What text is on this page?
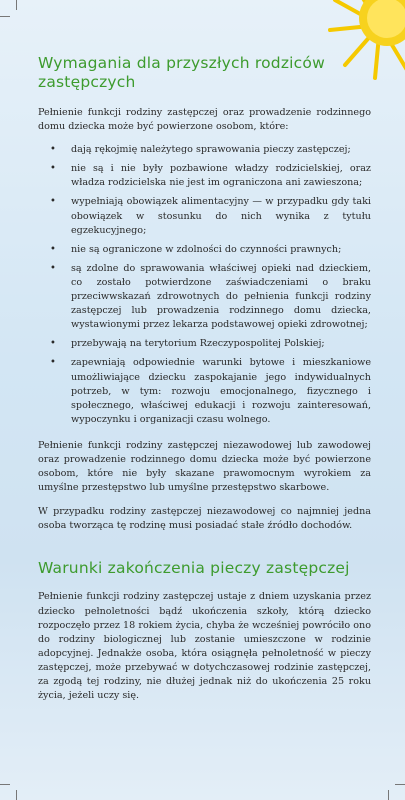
Wymagania dla przyszłych rodziców zastępczych

Pełnienie funkcji rodziny zastępczej oraz prowadzenie rodzinnego domu dziecka może być powierzone osobom, które:

• dają rękojmię należytego sprawowania pieczy zastępczej;
• nie są i nie były pozbawione władzy rodzicielskiej, oraz władza rodzicielska nie jest im ograniczona ani zawieszona;
• wypełniają obowiązek alimentacyjny — w przypadku gdy taki obowiązek w stosunku do nich wynika z tytułu egzekucyjnego;
• nie są ograniczone w zdolności do czynności prawnych;
• są zdolne do sprawowania właściwej opieki nad dzieckiem, co zostało potwierdzone zaświadczeniami o braku przeciwwskazań zdrowotnych do pełnienia funkcji rodziny zastępczej lub prowadzenia rodzinnego domu dziecka, wystawionymi przez lekarza podstawowej opieki zdrowotnej;
• przebywają na terytorium Rzeczypospolitej Polskiej;
• zapewniają odpowiednie warunki bytowe i mieszkaniowe umożliwiające dziecku zaspokajanie jego indywidualnych potrzeb, w tym: rozwoju emocjonalnego, fizycznego i społecznego, właściwej edukacji i rozwoju zainteresowań, wypoczynku i organizacji czasu wolnego.

Pełnienie funkcji rodziny zastępczej niezawodowej lub zawodowej oraz prowadzenie rodzinnego domu dziecka może być powierzone osobom, które nie były skazane prawomocnym wyrokiem za umyślne przestępstwo lub umyślne przestępstwo skarbowe.

W przypadku rodziny zastępczej niezawodowej co najmniej jedna osoba tworząca tę rodzinę musi posiadać stałe źródło dochodów.

Warunki zakończenia pieczy zastępczej

Pełnienie funkcji rodziny zastępczej ustaje z dniem uzyskania przez dziecko pełnoletności bądź ukończenia szkoły, którą dziecko rozpoczęło przez 18 rokiem życia, chyba że wcześniej powróciło ono do rodziny biologicznej lub zostanie umieszczone w rodzinie adopcyjnej. Jednakże osoba, która osiągnęła pełnoletność w pieczy zastępczej, może przebywać w dotychczasowej rodzinie zastępczej, za zgodą tej rodziny, nie dłużej jednak niż do ukończenia 25 roku życia, jeżeli uczy się.
